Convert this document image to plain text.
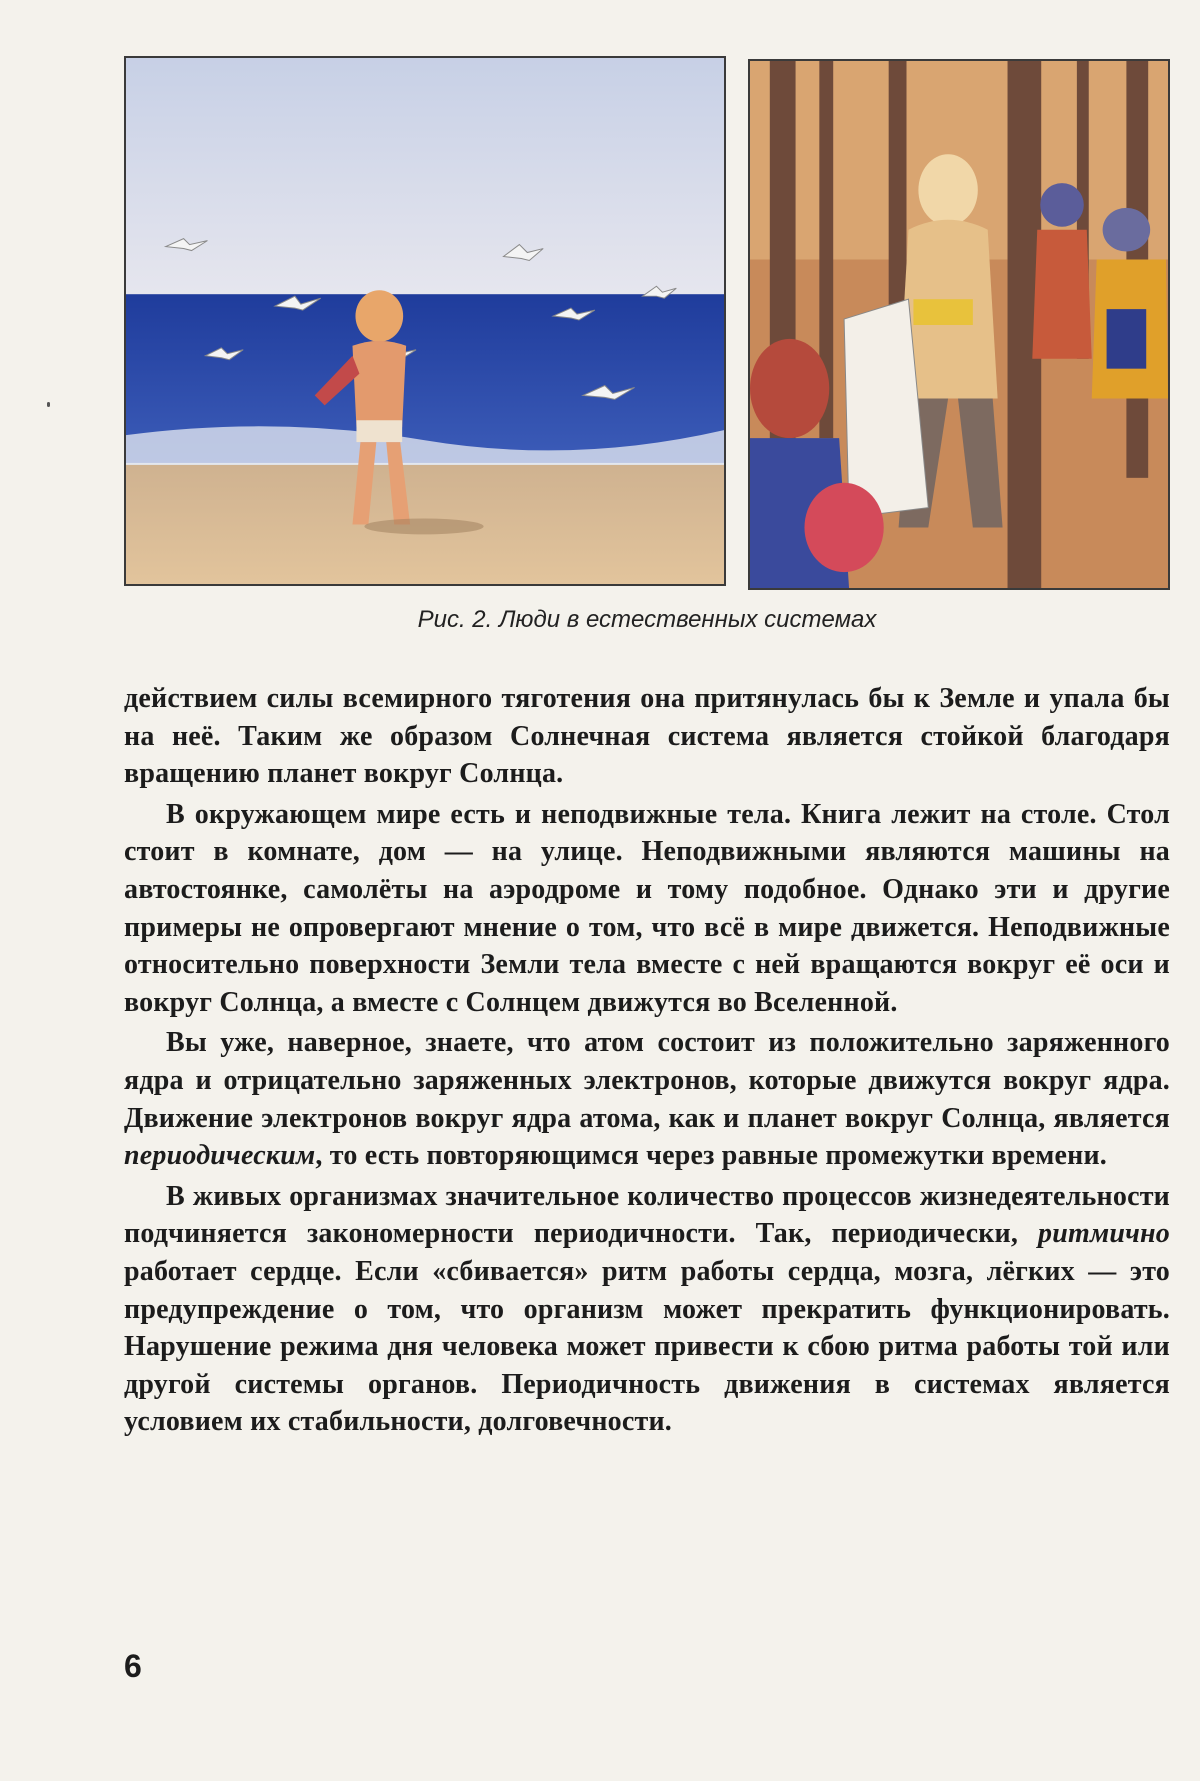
Рис. 2. Люди в естественных системах

действием силы всемирного тяготения она притянулась бы к Земле и упала бы на неё. Таким же образом Солнечная система является стойкой благодаря вращению планет вокруг Солнца.

В окружающем мире есть и неподвижные тела. Книга лежит на столе. Стол стоит в комнате, дом — на улице. Неподвижными являются машины на автостоянке, самолёты на аэродроме и тому подобное. Однако эти и другие примеры не опровергают мнение о том, что всё в мире движется. Неподвижные относительно поверхности Земли тела вместе с ней вращаются вокруг её оси и вокруг Солнца, а вместе с Солнцем движутся во Вселенной.

Вы уже, наверное, знаете, что атом состоит из положительно заряженного ядра и отрицательно заряженных электронов, которые движутся вокруг ядра. Движение электронов вокруг ядра атома, как и планет вокруг Солнца, является периодическим, то есть повторяющимся через равные промежутки времени.

В живых организмах значительное количество процессов жизнедеятельности подчиняется закономерности периодичности. Так, периодически, ритмично работает сердце. Если «сбивается» ритм работы сердца, мозга, лёгких — это предупреждение о том, что организм может прекратить функционировать. Нарушение режима дня человека может привести к сбою ритма работы той или другой системы органов. Периодичность движения в системах является условием их стабильности, долговечности.

6
